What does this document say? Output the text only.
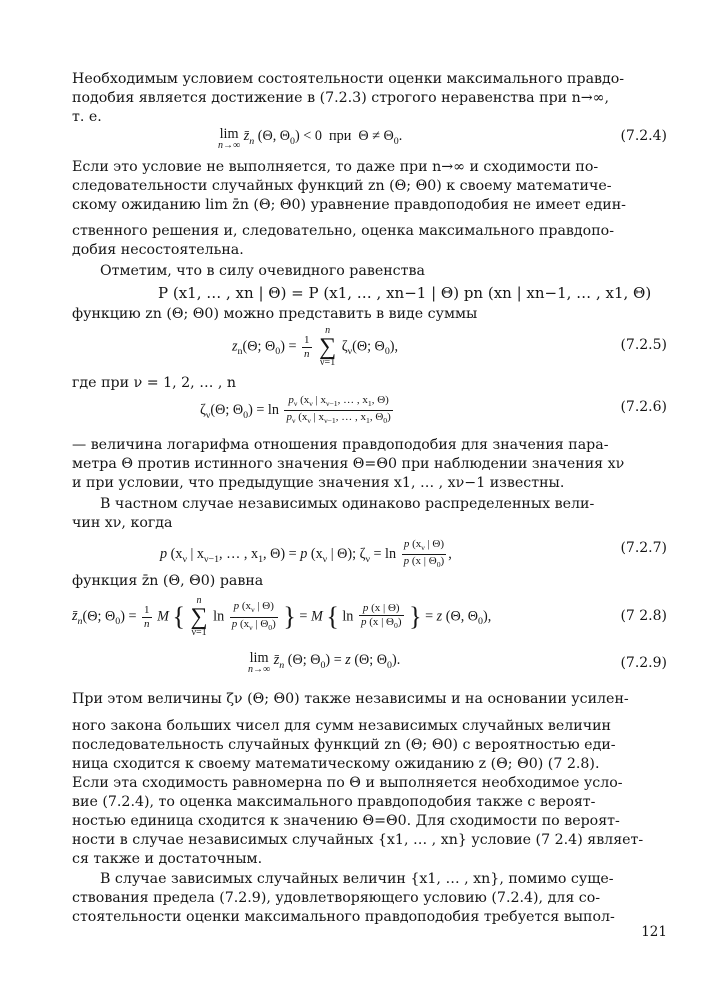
Необходимым условием состоятельности оценки максимального правдо-
подобия является достижение в (7.2.3) строгого неравенства при n→∞,
т. е.
lim
n→∞
$z̄_n$ (Θ, $\Theta_0) < 0$  при  $\Theta \ne \Theta_0$.	(7.2.4)
Если это условие не выполняется, то даже при n→∞ и сходимости по-
следовательности случайных функций zn (Θ; Θ0) к своему математиче-
скому ожиданию lim z̄n (Θ; Θ0) уравнение правдоподобия не имеет един-
ственного решения и, следовательно, оценка максимального правдопо-
добия несостоятельна.
Отметим, что в силу очевидного равенства
P (x1, … , xn | Θ) = P (x1, … , xn−1 | Θ) pn (xn | xn−1, … , x1, Θ)
функцию zn (Θ; Θ0) можно представить в виде суммы
$z_n(\Theta$; $\Theta_0) = \frac{1}{n}$

n
∑
ν=1
$\zeta_\nu(\Theta$; $\Theta_0$),	(7.2.5)
где при ν = 1, 2, … , n
$\zeta_\nu(\Theta$; $\Theta_0) = \ln \frac{p_\nu (x_\nu | x_{\nu-1}, \dots , x_1, \Theta)}{p_\nu (x_\nu | x_{\nu-1}, \dots , x_1, \Theta_0)}$	(7.2.6)
— величина логарифма отношения правдоподобия для значения пара-
метра Θ против истинного значения Θ=Θ0 при наблюдении значения xν
и при условии, что предыдущие значения x1, … , xν−1 известны.
В частном случае независимых одинаково распределенных вели-
чин xν, когда
p ($x_\nu$ | $x_{\nu-1}$, … , $x_1$, Θ) = p ($x_\nu$ | Θ); $\zeta_\nu = \ln \frac{p (x_\nu | \Theta)}{p (x | \Theta_0)}$ ,	(7.2.7)
функция z̄n (Θ, Θ0) равна
$z̄_n(\Theta$; $\Theta_0) = \frac{1}{n}$ M {
n
∑
ν=1
$\ln \frac{p (x_\nu | \Theta)}{p (x_\nu | \Theta_0)}$ } = M { $\ln \frac{p (x | \Theta)}{p (x | \Theta_0)}$ } = z (Θ, $\Theta_0$),	(7 2.8)
lim
n→∞
$z̄_n$ (Θ; $\Theta_0) = z$ (Θ; $\Theta_0$).	(7.2.9)
При этом величины ζν (Θ; Θ0) также независимы и на основании усилен-
ного закона больших чисел для сумм независимых случайных величин
последовательность случайных функций zn (Θ; Θ0) с вероятностью еди-
ница сходится к своему математическому ожиданию z (Θ; Θ0) (7 2.8).
Если эта сходимость равномерна по Θ и выполняется необходимое усло-
вие (7.2.4), то оценка максимального правдоподобия также с вероят-
ностью единица сходится к значению Θ=Θ0. Для сходимости по вероят-
ности в случае независимых случайных {x1, … , xn} условие (7 2.4) являет-
ся также и достаточным.
В случае зависимых случайных величин {x1, … , xn}, помимо суще-
ствования предела (7.2.9), удовлетворяющего условию (7.2.4), для со-
стоятельности оценки максимального правдоподобия требуется выпол-
121
